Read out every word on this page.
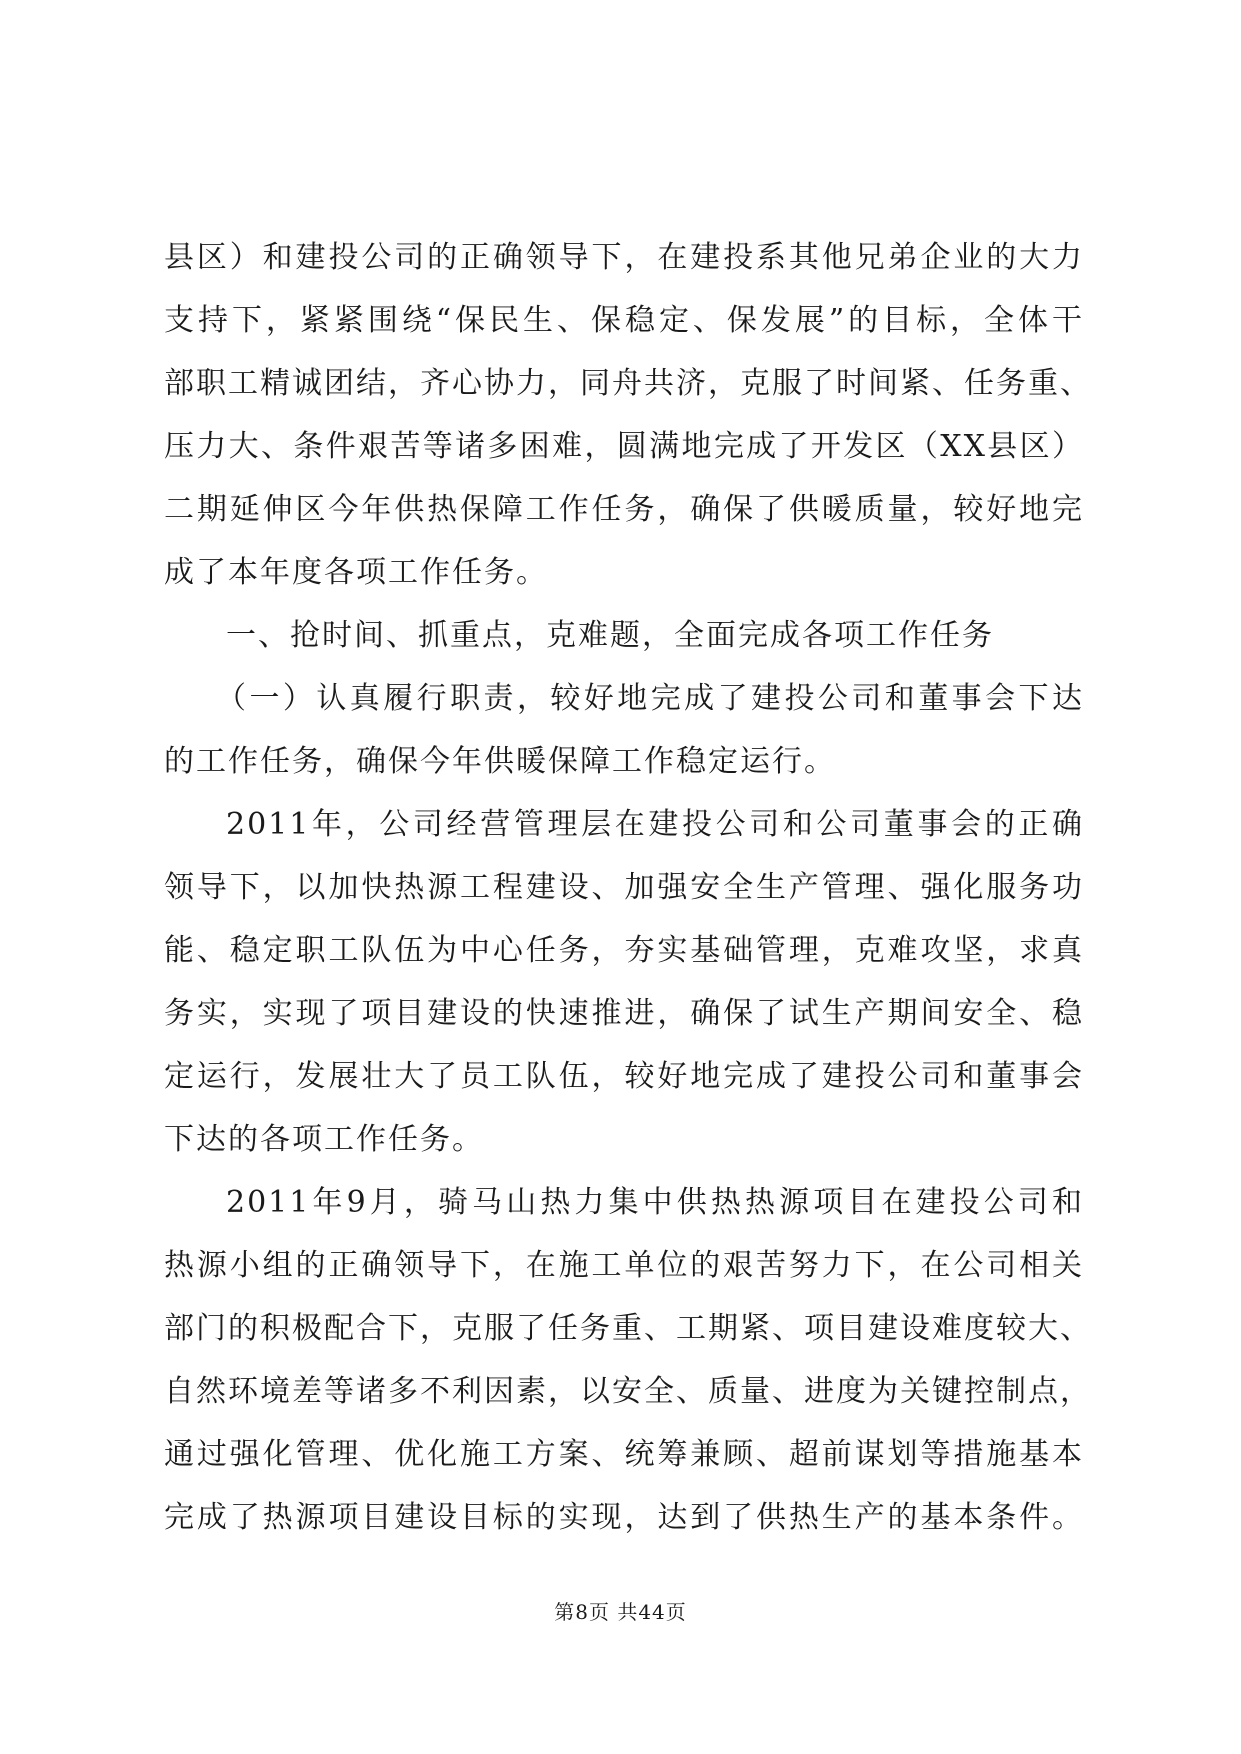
县区）和建投公司的正确领导下，在建投系其他兄弟企业的大力
支持下，紧紧围绕“保民生、保稳定、保发展”的目标，全体干
部职工精诚团结，齐心协力，同舟共济，克服了时间紧、任务重、
压力大、条件艰苦等诸多困难，圆满地完成了开发区（XX县区）
二期延伸区今年供热保障工作任务，确保了供暖质量，较好地完
成了本年度各项工作任务。
一、抢时间、抓重点，克难题，全面完成各项工作任务
（一）认真履行职责，较好地完成了建投公司和董事会下达
的工作任务，确保今年供暖保障工作稳定运行。
2011年，公司经营管理层在建投公司和公司董事会的正确
领导下，以加快热源工程建设、加强安全生产管理、强化服务功
能、稳定职工队伍为中心任务，夯实基础管理，克难攻坚，求真
务实，实现了项目建设的快速推进，确保了试生产期间安全、稳
定运行，发展壮大了员工队伍，较好地完成了建投公司和董事会
下达的各项工作任务。
2011年9月，骑马山热力集中供热热源项目在建投公司和
热源小组的正确领导下，在施工单位的艰苦努力下，在公司相关
部门的积极配合下，克服了任务重、工期紧、项目建设难度较大、
自然环境差等诸多不利因素，以安全、质量、进度为关键控制点，
通过强化管理、优化施工方案、统筹兼顾、超前谋划等措施基本
完成了热源项目建设目标的实现，达到了供热生产的基本条件。
第8页 共44页
